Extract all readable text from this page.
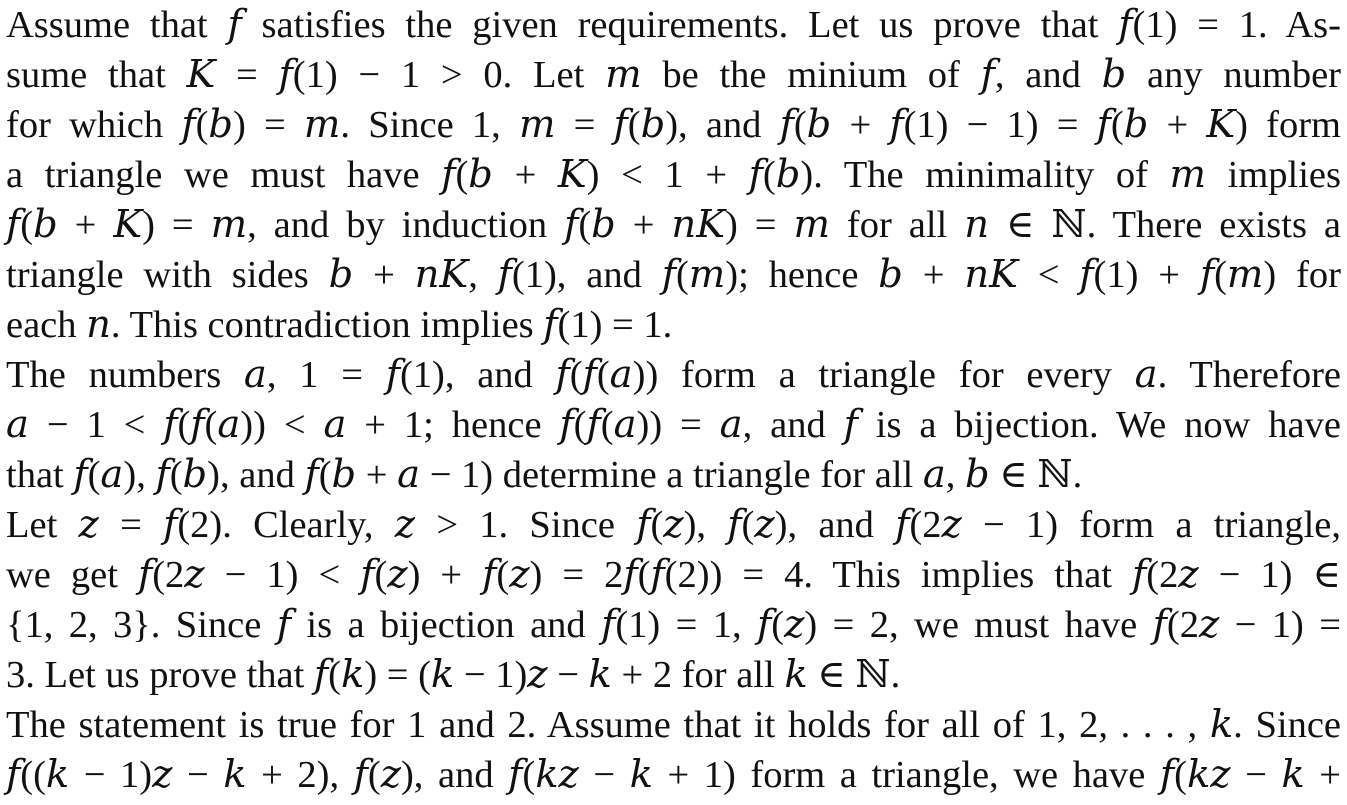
Assume that 𝑓 satisfies the given requirements. Let us prove that 𝑓(1) = 1. As-
sume that 𝐾 = 𝑓(1) − 1 > 0. Let 𝑚 be the minium of 𝑓, and 𝑏 any number
for which 𝑓(𝑏) = 𝑚. Since 1, 𝑚 = 𝑓(𝑏), and 𝑓(𝑏 + 𝑓(1) − 1) = 𝑓(𝑏 + 𝐾) form
a triangle we must have 𝑓(𝑏 + 𝐾) < 1 + 𝑓(𝑏). The minimality of 𝑚 implies
𝑓(𝑏 + 𝐾) = 𝑚, and by induction 𝑓(𝑏 + 𝑛𝐾) = 𝑚 for all 𝑛 ∈ ℕ. There exists a
triangle with sides 𝑏 + 𝑛𝐾, 𝑓(1), and 𝑓(𝑚); hence 𝑏 + 𝑛𝐾 < 𝑓(1) + 𝑓(𝑚) for
each 𝑛. This contradiction implies 𝑓(1) = 1.
The numbers 𝑎, 1 = 𝑓(1), and 𝑓(𝑓(𝑎)) form a triangle for every 𝑎. Therefore
𝑎 − 1 < 𝑓(𝑓(𝑎)) < 𝑎 + 1; hence 𝑓(𝑓(𝑎)) = 𝑎, and 𝑓 is a bijection. We now have
that 𝑓(𝑎), 𝑓(𝑏), and 𝑓(𝑏 + 𝑎 − 1) determine a triangle for all 𝑎, 𝑏 ∈ ℕ.
Let 𝑧 = 𝑓(2). Clearly, 𝑧 > 1. Since 𝑓(𝑧), 𝑓(𝑧), and 𝑓(2𝑧 − 1) form a triangle,
we get 𝑓(2𝑧 − 1) < 𝑓(𝑧) + 𝑓(𝑧) = 2𝑓(𝑓(2)) = 4. This implies that 𝑓(2𝑧 − 1) ∈
{1, 2, 3}. Since 𝑓 is a bijection and 𝑓(1) = 1, 𝑓(𝑧) = 2, we must have 𝑓(2𝑧 − 1) =
3. Let us prove that 𝑓(𝑘) = (𝑘 − 1)𝑧 − 𝑘 + 2 for all 𝑘 ∈ ℕ.
The statement is true for 1 and 2. Assume that it holds for all of 1, 2, . . . , 𝑘. Since
𝑓((𝑘 − 1)𝑧 − 𝑘 + 2), 𝑓(𝑧), and 𝑓(𝑘𝑧 − 𝑘 + 1) form a triangle, we have 𝑓(𝑘𝑧 − 𝑘 +
